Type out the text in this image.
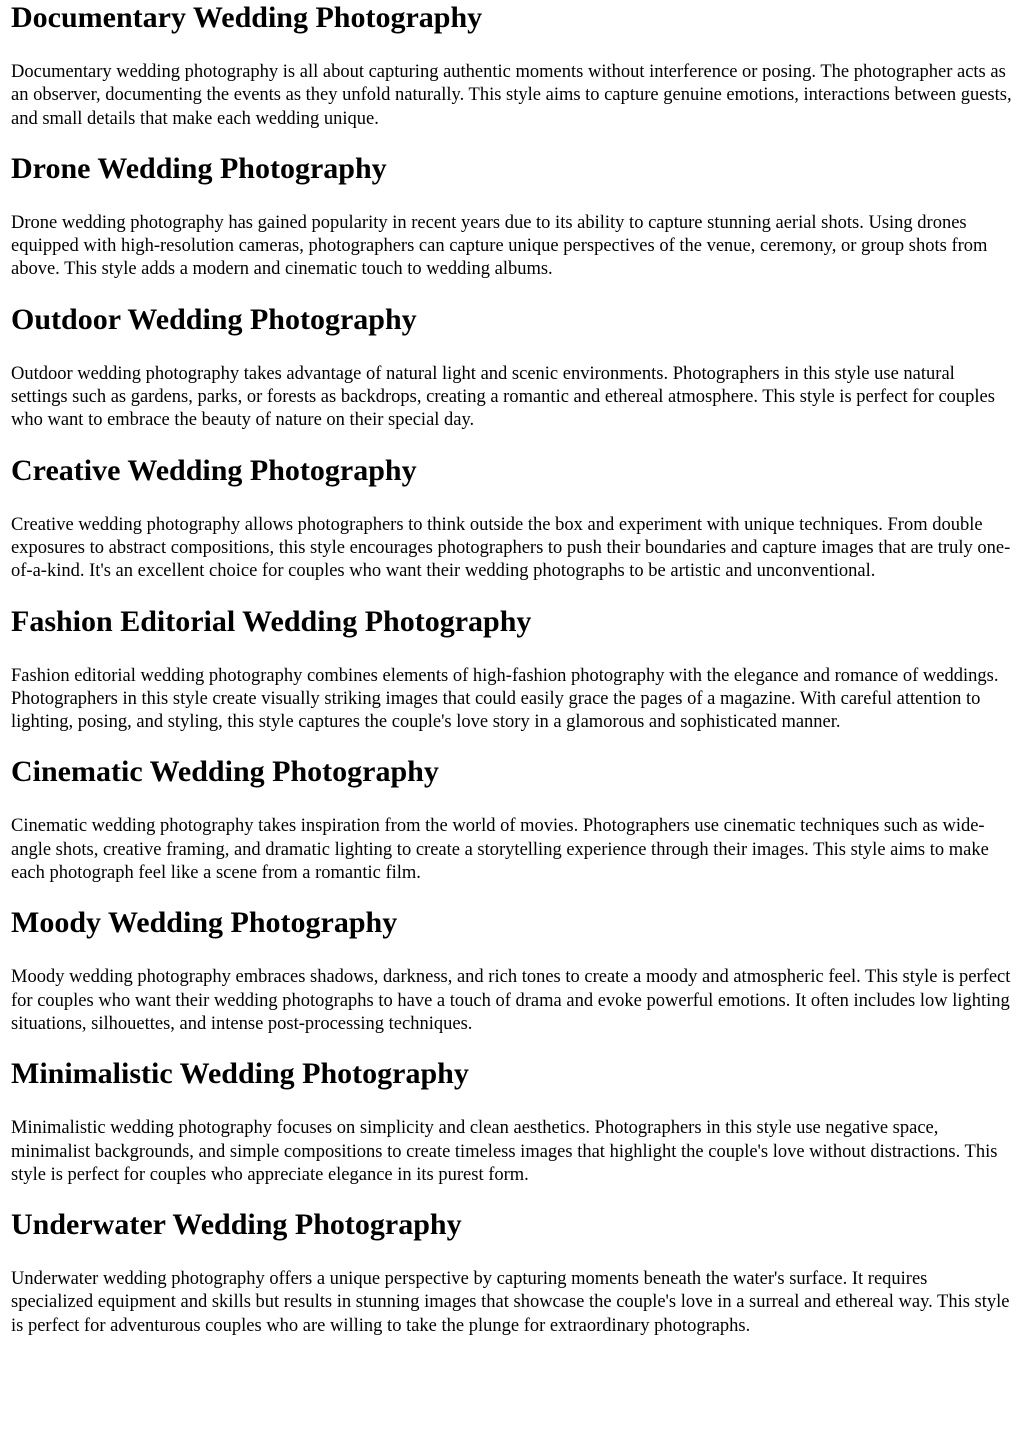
Documentary Wedding Photography

Documentary wedding photography is all about capturing authentic moments without interference or posing. The photographer acts as an observer, documenting the events as they unfold naturally. This style aims to capture genuine emotions, interactions between guests, and small details that make each wedding unique.

Drone Wedding Photography

Drone wedding photography has gained popularity in recent years due to its ability to capture stunning aerial shots. Using drones equipped with high-resolution cameras, photographers can capture unique perspectives of the venue, ceremony, or group shots from above. This style adds a modern and cinematic touch to wedding albums.

Outdoor Wedding Photography

Outdoor wedding photography takes advantage of natural light and scenic environments. Photographers in this style use natural settings such as gardens, parks, or forests as backdrops, creating a romantic and ethereal atmosphere. This style is perfect for couples who want to embrace the beauty of nature on their special day.

Creative Wedding Photography

Creative wedding photography allows photographers to think outside the box and experiment with unique techniques. From double exposures to abstract compositions, this style encourages photographers to push their boundaries and capture images that are truly one-of-a-kind. It's an excellent choice for couples who want their wedding photographs to be artistic and unconventional.

Fashion Editorial Wedding Photography

Fashion editorial wedding photography combines elements of high-fashion photography with the elegance and romance of weddings. Photographers in this style create visually striking images that could easily grace the pages of a magazine. With careful attention to lighting, posing, and styling, this style captures the couple's love story in a glamorous and sophisticated manner.

Cinematic Wedding Photography

Cinematic wedding photography takes inspiration from the world of movies. Photographers use cinematic techniques such as wide-angle shots, creative framing, and dramatic lighting to create a storytelling experience through their images. This style aims to make each photograph feel like a scene from a romantic film.

Moody Wedding Photography

Moody wedding photography embraces shadows, darkness, and rich tones to create a moody and atmospheric feel. This style is perfect for couples who want their wedding photographs to have a touch of drama and evoke powerful emotions. It often includes low lighting situations, silhouettes, and intense post-processing techniques.

Minimalistic Wedding Photography

Minimalistic wedding photography focuses on simplicity and clean aesthetics. Photographers in this style use negative space, minimalist backgrounds, and simple compositions to create timeless images that highlight the couple's love without distractions. This style is perfect for couples who appreciate elegance in its purest form.

Underwater Wedding Photography

Underwater wedding photography offers a unique perspective by capturing moments beneath the water's surface. It requires specialized equipment and skills but results in stunning images that showcase the couple's love in a surreal and ethereal way. This style is perfect for adventurous couples who are willing to take the plunge for extraordinary photographs.
